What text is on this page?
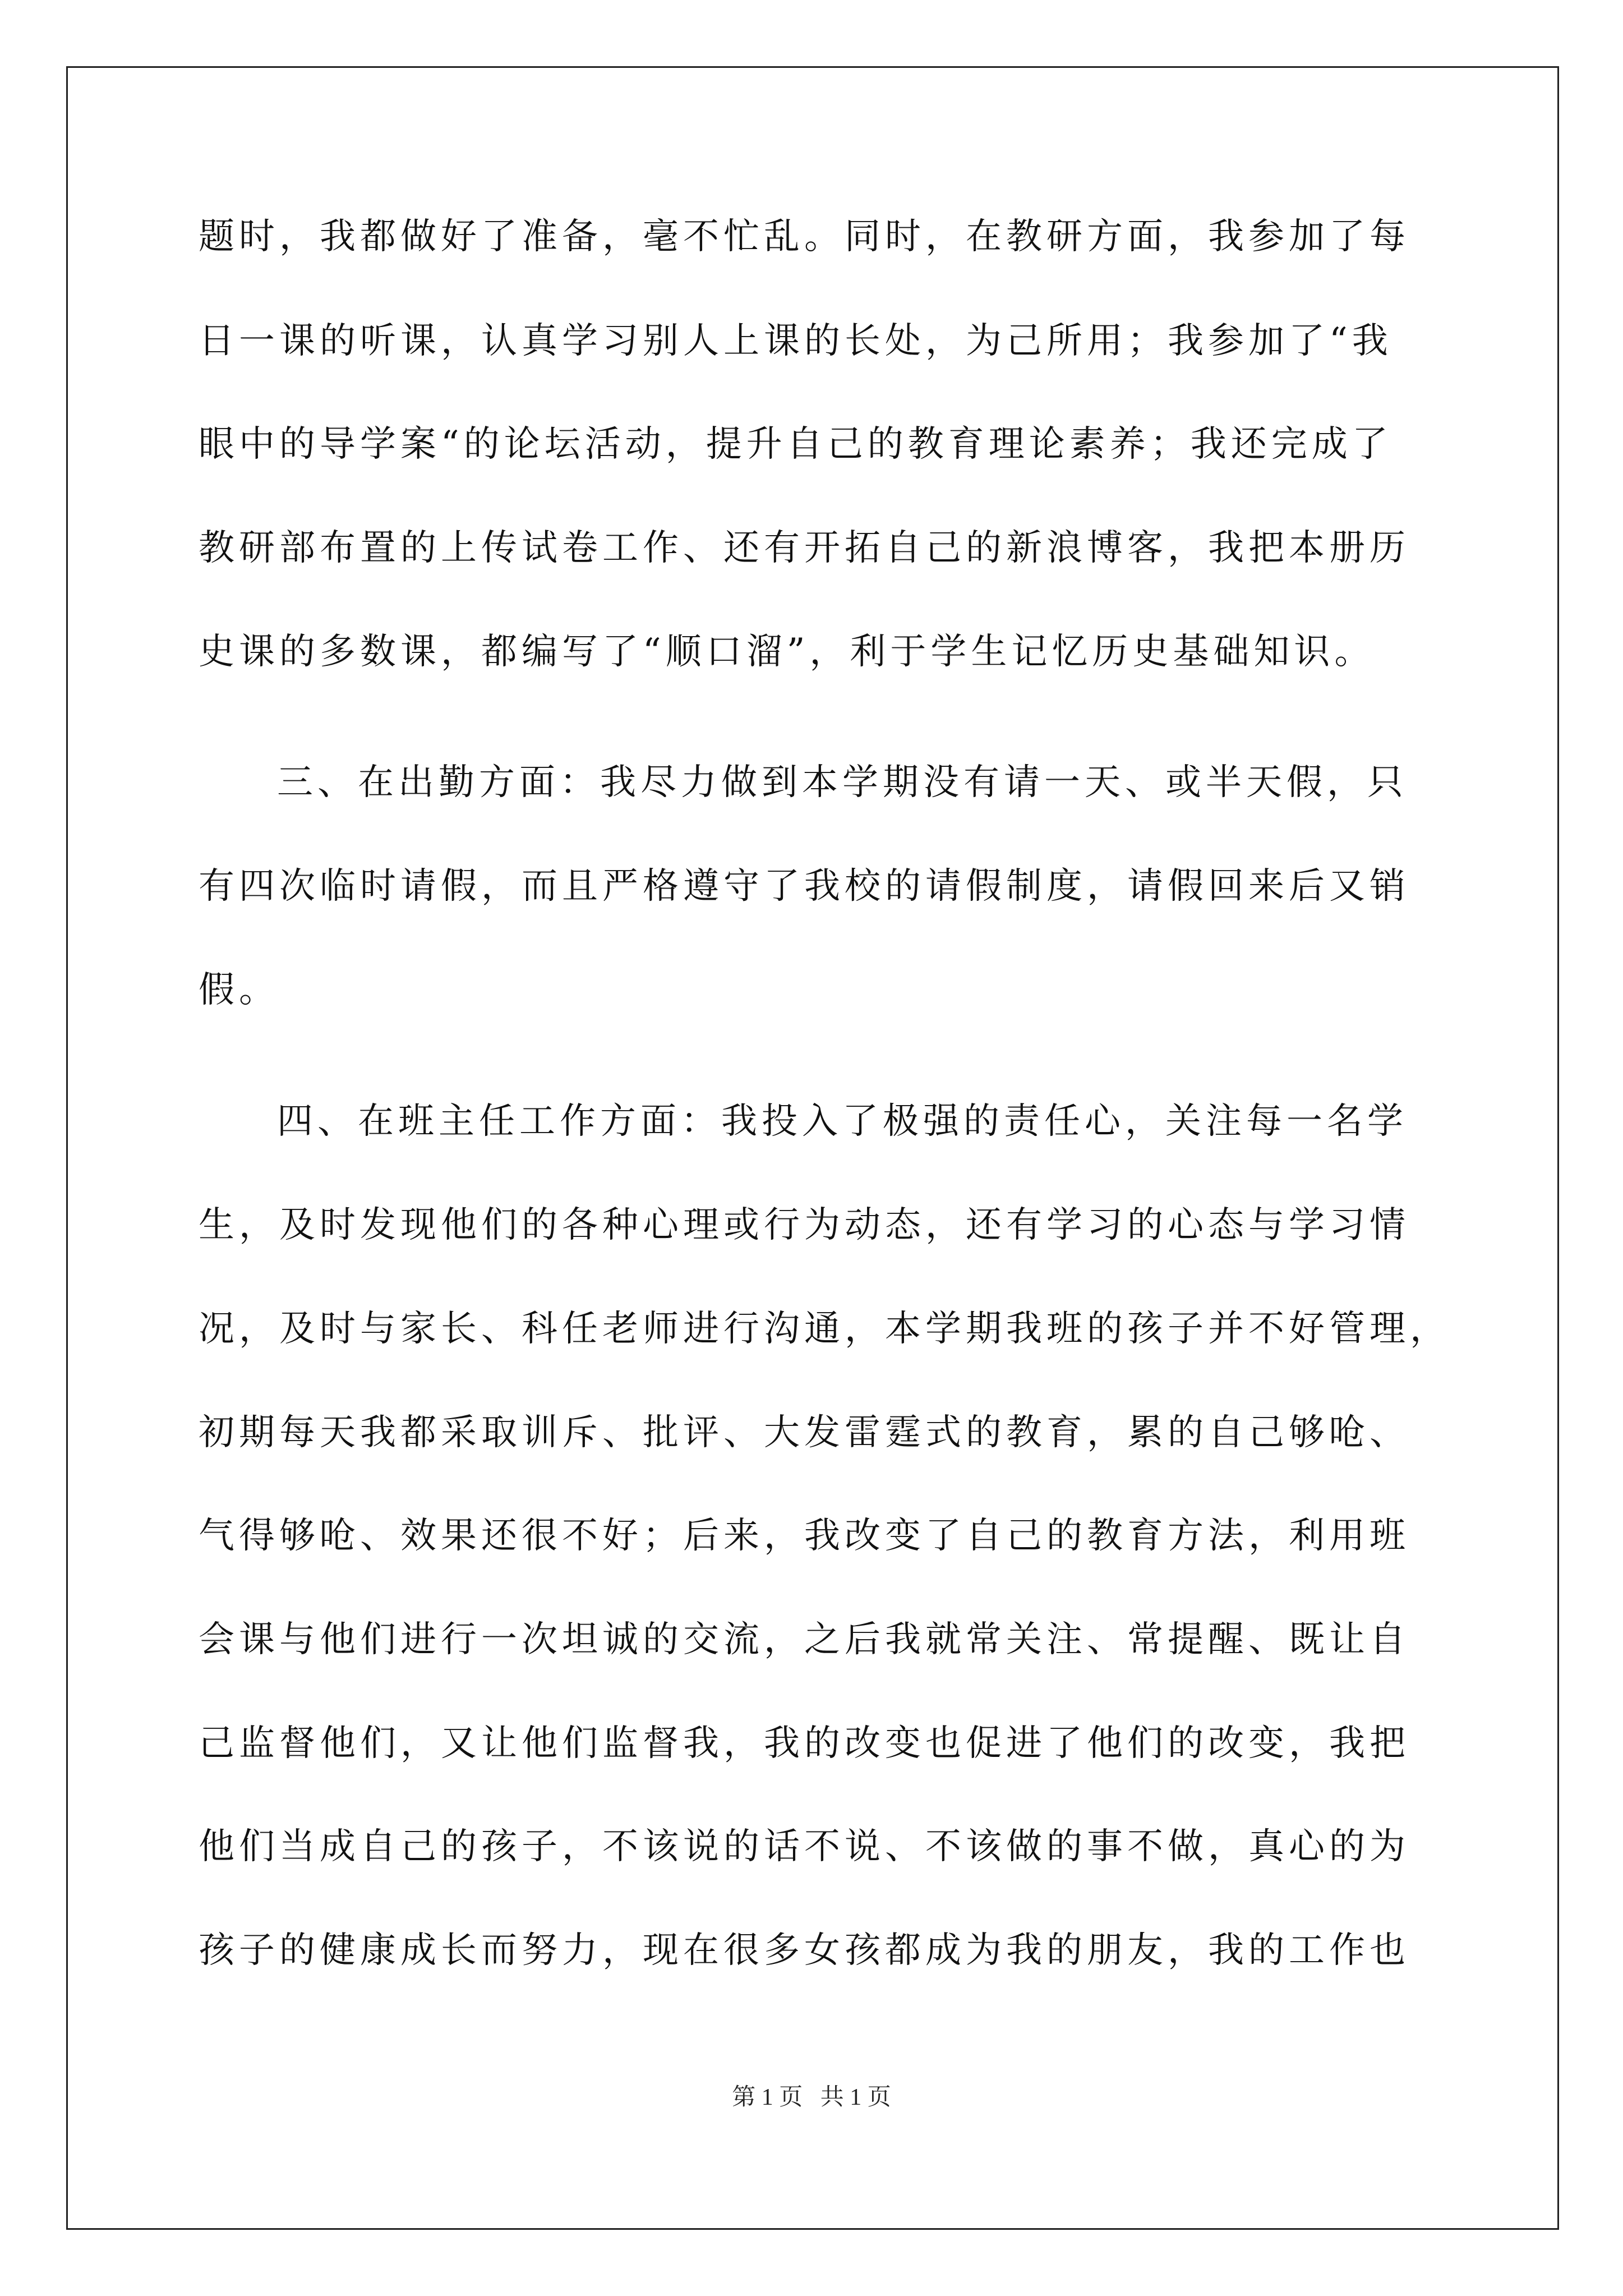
题时，我都做好了准备，毫不忙乱。同时，在教研方面，我参加了每
日一课的听课，认真学习别人上课的长处，为己所用；我参加了“我
眼中的导学案“的论坛活动，提升自己的教育理论素养；我还完成了
教研部布置的上传试卷工作、还有开拓自己的新浪博客，我把本册历
史课的多数课，都编写了“顺口溜”，利于学生记忆历史基础知识。
三、在出勤方面：我尽力做到本学期没有请一天、或半天假，只
有四次临时请假，而且严格遵守了我校的请假制度，请假回来后又销
假。
四、在班主任工作方面：我投入了极强的责任心，关注每一名学
生，及时发现他们的各种心理或行为动态，还有学习的心态与学习情
况，及时与家长、科任老师进行沟通，本学期我班的孩子并不好管理，
初期每天我都采取训斥、批评、大发雷霆式的教育，累的自己够呛、
气得够呛、效果还很不好；后来，我改变了自己的教育方法，利用班
会课与他们进行一次坦诚的交流，之后我就常关注、常提醒、既让自
己监督他们，又让他们监督我，我的改变也促进了他们的改变，我把
他们当成自己的孩子，不该说的话不说、不该做的事不做，真心的为
孩子的健康成长而努力，现在很多女孩都成为我的朋友，我的工作也
第 1 页   共 1 页
